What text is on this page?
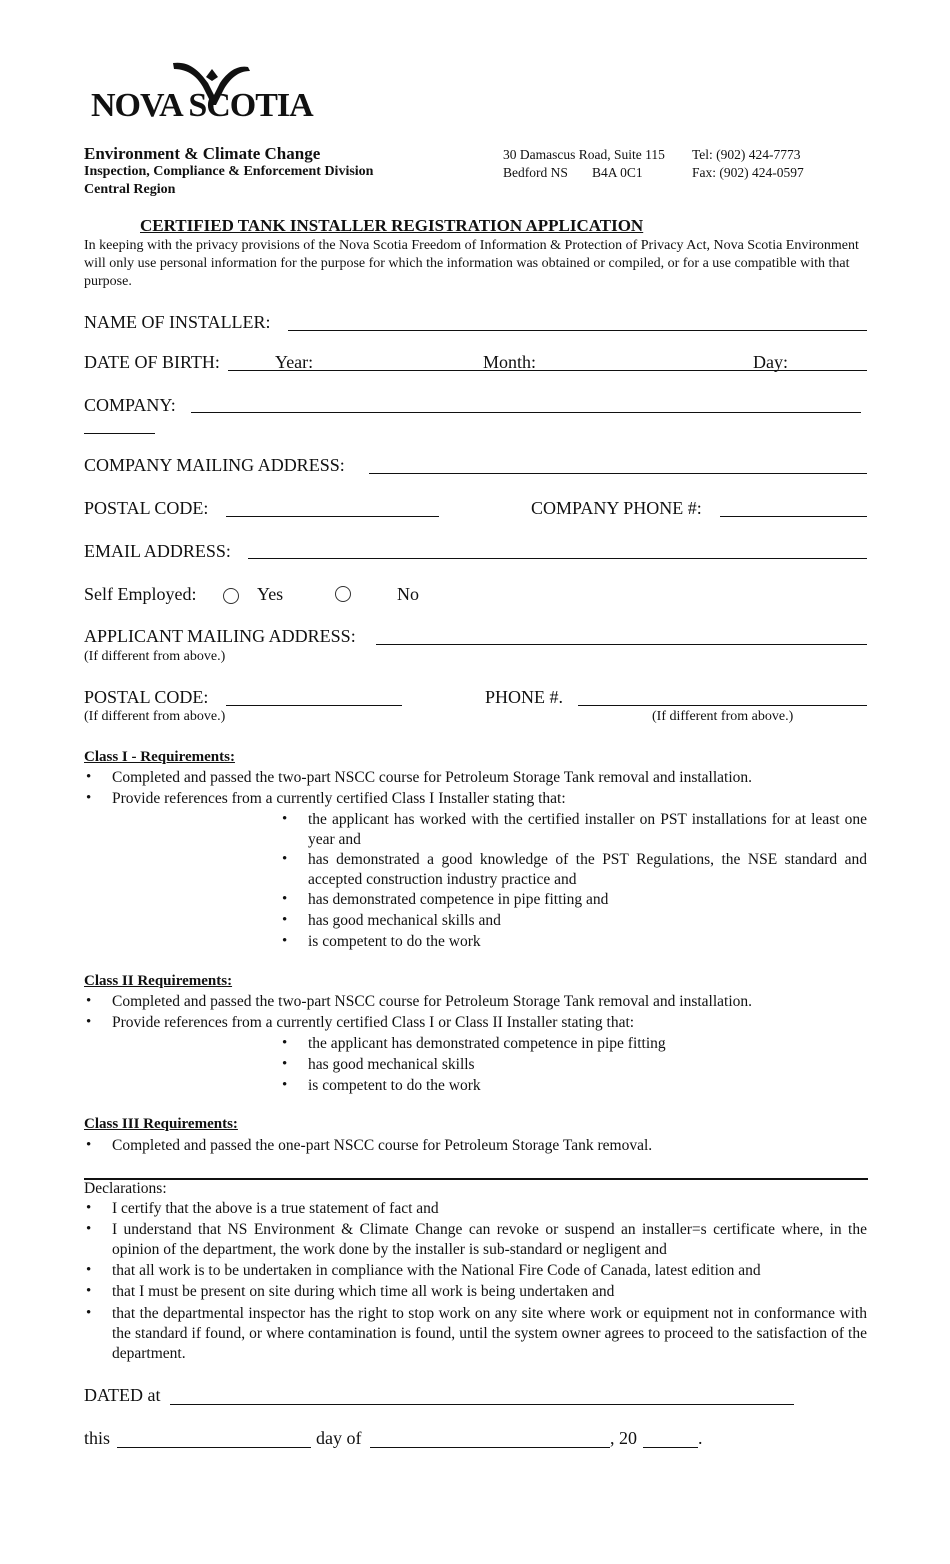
NOVA SCOTIA
Environment & Climate Change
Inspection, Compliance & Enforcement Division
Central Region
30 Damascus Road, Suite 115
Bedford NS B4A 0C1
Tel: (902) 424-7773
Fax: (902) 424-0597
CERTIFIED TANK INSTALLER REGISTRATION APPLICATION
In keeping with the privacy provisions of the Nova Scotia Freedom of Information & Protection of Privacy Act, Nova Scotia Environment will only use personal information for the purpose for which the information was obtained or compiled, or for a use compatible with that purpose.
NAME OF INSTALLER:
DATE OF BIRTH:	Year:	Month:	Day:
COMPANY:
COMPANY MAILING ADDRESS:
POSTAL CODE:	COMPANY PHONE #:
EMAIL ADDRESS:
Self Employed:	Yes	No
APPLICANT MAILING ADDRESS:
(If different from above.)
POSTAL CODE:
(If different from above.)
PHONE #.
(If different from above.)
Class I - Requirements:
• Completed and passed the two-part NSCC course for Petroleum Storage Tank removal and installation.
• Provide references from a currently certified Class I Installer stating that:
• the applicant has worked with the certified installer on PST installations for at least one year and
• has demonstrated a good knowledge of the PST Regulations, the NSE standard and accepted construction industry practice and
• has demonstrated competence in pipe fitting and
• has good mechanical skills and
• is competent to do the work
Class II Requirements:
• Completed and passed the two-part NSCC course for Petroleum Storage Tank removal and installation.
• Provide references from a currently certified Class I or Class II Installer stating that:
• the applicant has demonstrated competence in pipe fitting
• has good mechanical skills
• is competent to do the work
Class III Requirements:
• Completed and passed the one-part NSCC course for Petroleum Storage Tank removal.
Declarations:
• I certify that the above is a true statement of fact and
• I understand that NS Environment & Climate Change can revoke or suspend an installer=s certificate where, in the opinion of the department, the work done by the installer is sub-standard or negligent and
• that all work is to be undertaken in compliance with the National Fire Code of Canada, latest edition and
• that I must be present on site during which time all work is being undertaken and
• that the departmental inspector has the right to stop work on any site where work or equipment not in conformance with the standard if found, or where contamination is found, until the system owner agrees to proceed to the satisfaction of the department.
DATED at
this	day of	, 20	.
